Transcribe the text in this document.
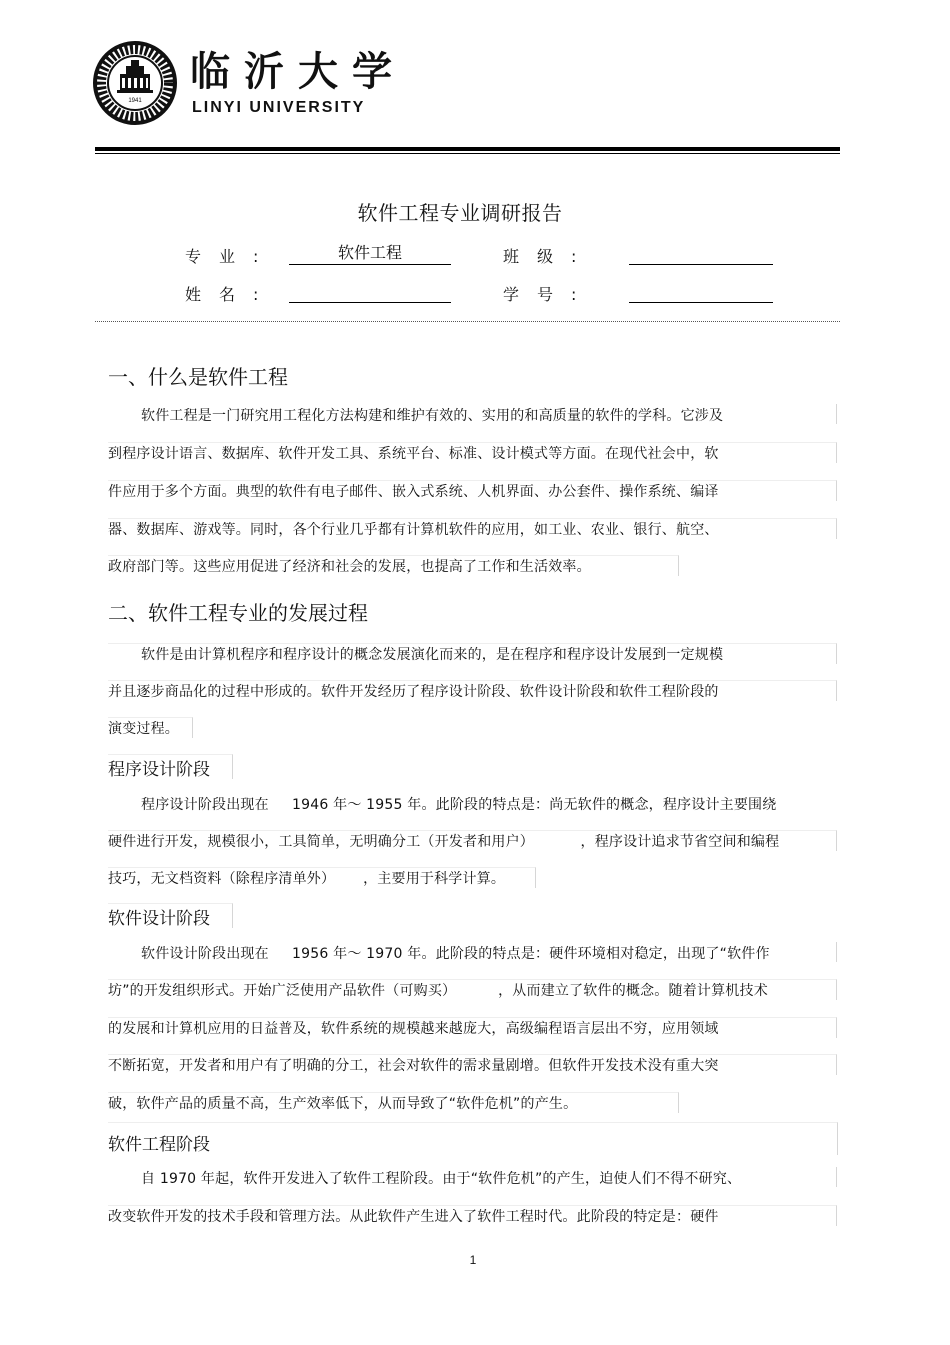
1941
临沂大学
LINYI UNIVERSITY
软件工程专业调研报告
专业:	软件工程	班级:
姓名:	学号:
一、什么是软件工程
软件工程是一门研究用工程化方法构建和维护有效的、实用的和高质量的软件的学科。它涉及
到程序设计语言、数据库、软件开发工具、系统平台、标准、设计模式等方面。在现代社会中，软
件应用于多个方面。典型的软件有电子邮件、嵌入式系统、人机界面、办公套件、操作系统、编译
器、数据库、游戏等。同时，各个行业几乎都有计算机软件的应用，如工业、农业、银行、航空、
政府部门等。这些应用促进了经济和社会的发展，也提高了工作和生活效率。
二、软件工程专业的发展过程
软件是由计算机程序和程序设计的概念发展演化而来的，是在程序和程序设计发展到一定规模
并且逐步商品化的过程中形成的。软件开发经历了程序设计阶段、软件设计阶段和软件工程阶段的
演变过程。
程序设计阶段
程序设计阶段出现在     1946 年～ 1955 年。此阶段的特点是：尚无软件的概念，程序设计主要围绕
硬件进行开发，规模很小，工具简单，无明确分工（开发者和用户）          ，程序设计追求节省空间和编程
技巧，无文档资料（除程序清单外）      ，主要用于科学计算。
软件设计阶段
软件设计阶段出现在     1956 年～ 1970 年。此阶段的特点是：硬件环境相对稳定，出现了“软件作
坊”的开发组织形式。开始广泛使用产品软件（可购买）         ，从而建立了软件的概念。随着计算机技术
的发展和计算机应用的日益普及，软件系统的规模越来越庞大，高级编程语言层出不穷，应用领域
不断拓宽，开发者和用户有了明确的分工，社会对软件的需求量剧增。但软件开发技术没有重大突
破，软件产品的质量不高，生产效率低下，从而导致了“软件危机”的产生。
软件工程阶段
自 1970 年起，软件开发进入了软件工程阶段。由于“软件危机”的产生，迫使人们不得不研究、
改变软件开发的技术手段和管理方法。从此软件产生进入了软件工程时代。此阶段的特定是：硬件
1
